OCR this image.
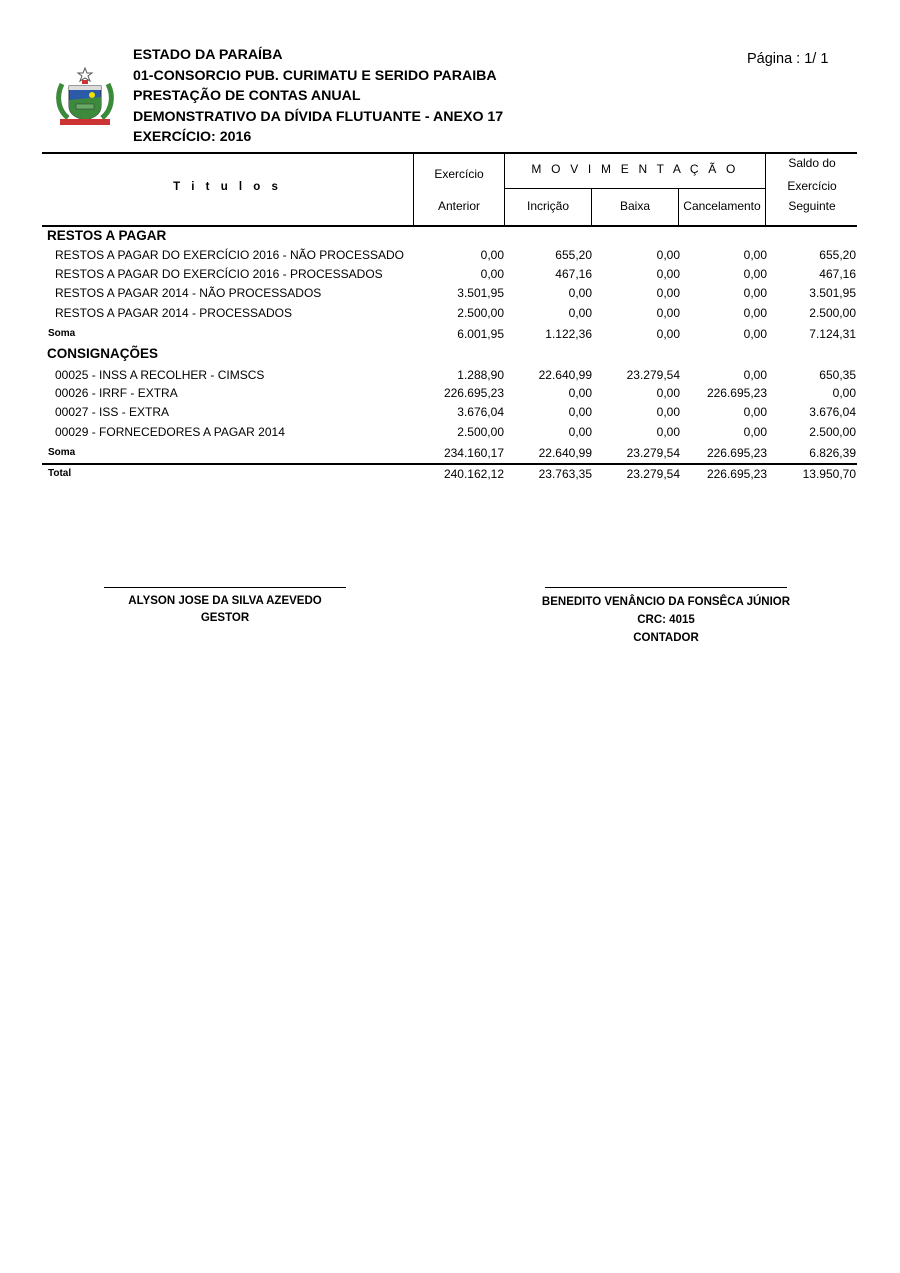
ESTADO DA PARAÍBA
01-CONSORCIO PUB. CURIMATU E SERIDO PARAIBA
PRESTAÇÃO DE CONTAS ANUAL
DEMONSTRATIVO DA DÍVIDA FLUTUANTE - ANEXO 17
EXERCÍCIO: 2016
Página : 1/ 1
T i t u l o s
Exercício
Anterior
M O V I M E N T A Ç Ã O
Incrição	Baixa	Cancelamento
Saldo do
Exercício
Seguinte
RESTOS A PAGAR
RESTOS A PAGAR DO EXERCÍCIO 2016 - NÃO PROCESSADO	0,00	655,20	0,00	0,00	655,20
RESTOS A PAGAR DO EXERCÍCIO 2016 - PROCESSADOS	0,00	467,16	0,00	0,00	467,16
RESTOS A PAGAR 2014 - NÃO PROCESSADOS	3.501,95	0,00	0,00	0,00	3.501,95
RESTOS A PAGAR 2014 - PROCESSADOS	2.500,00	0,00	0,00	0,00	2.500,00
Soma	6.001,95	1.122,36	0,00	0,00	7.124,31
CONSIGNAÇÕES
00025 - INSS A RECOLHER - CIMSCS	1.288,90	22.640,99	23.279,54	0,00	650,35
00026 - IRRF - EXTRA	226.695,23	0,00	0,00 226.695,23	0,00
00027 - ISS - EXTRA	3.676,04	0,00	0,00	0,00	3.676,04
00029 - FORNECEDORES A PAGAR 2014	2.500,00	0,00	0,00	0,00	2.500,00
Soma	234.160,17	22.640,99	23.279,54 226.695,23	6.826,39
Total	240.162,12	23.763,35	23.279,54 226.695,23	13.950,70
ALYSON JOSE DA SILVA AZEVEDO
GESTOR
BENEDITO VENÂNCIO DA FONSÊCA JÚNIOR
CRC: 4015
CONTADOR
